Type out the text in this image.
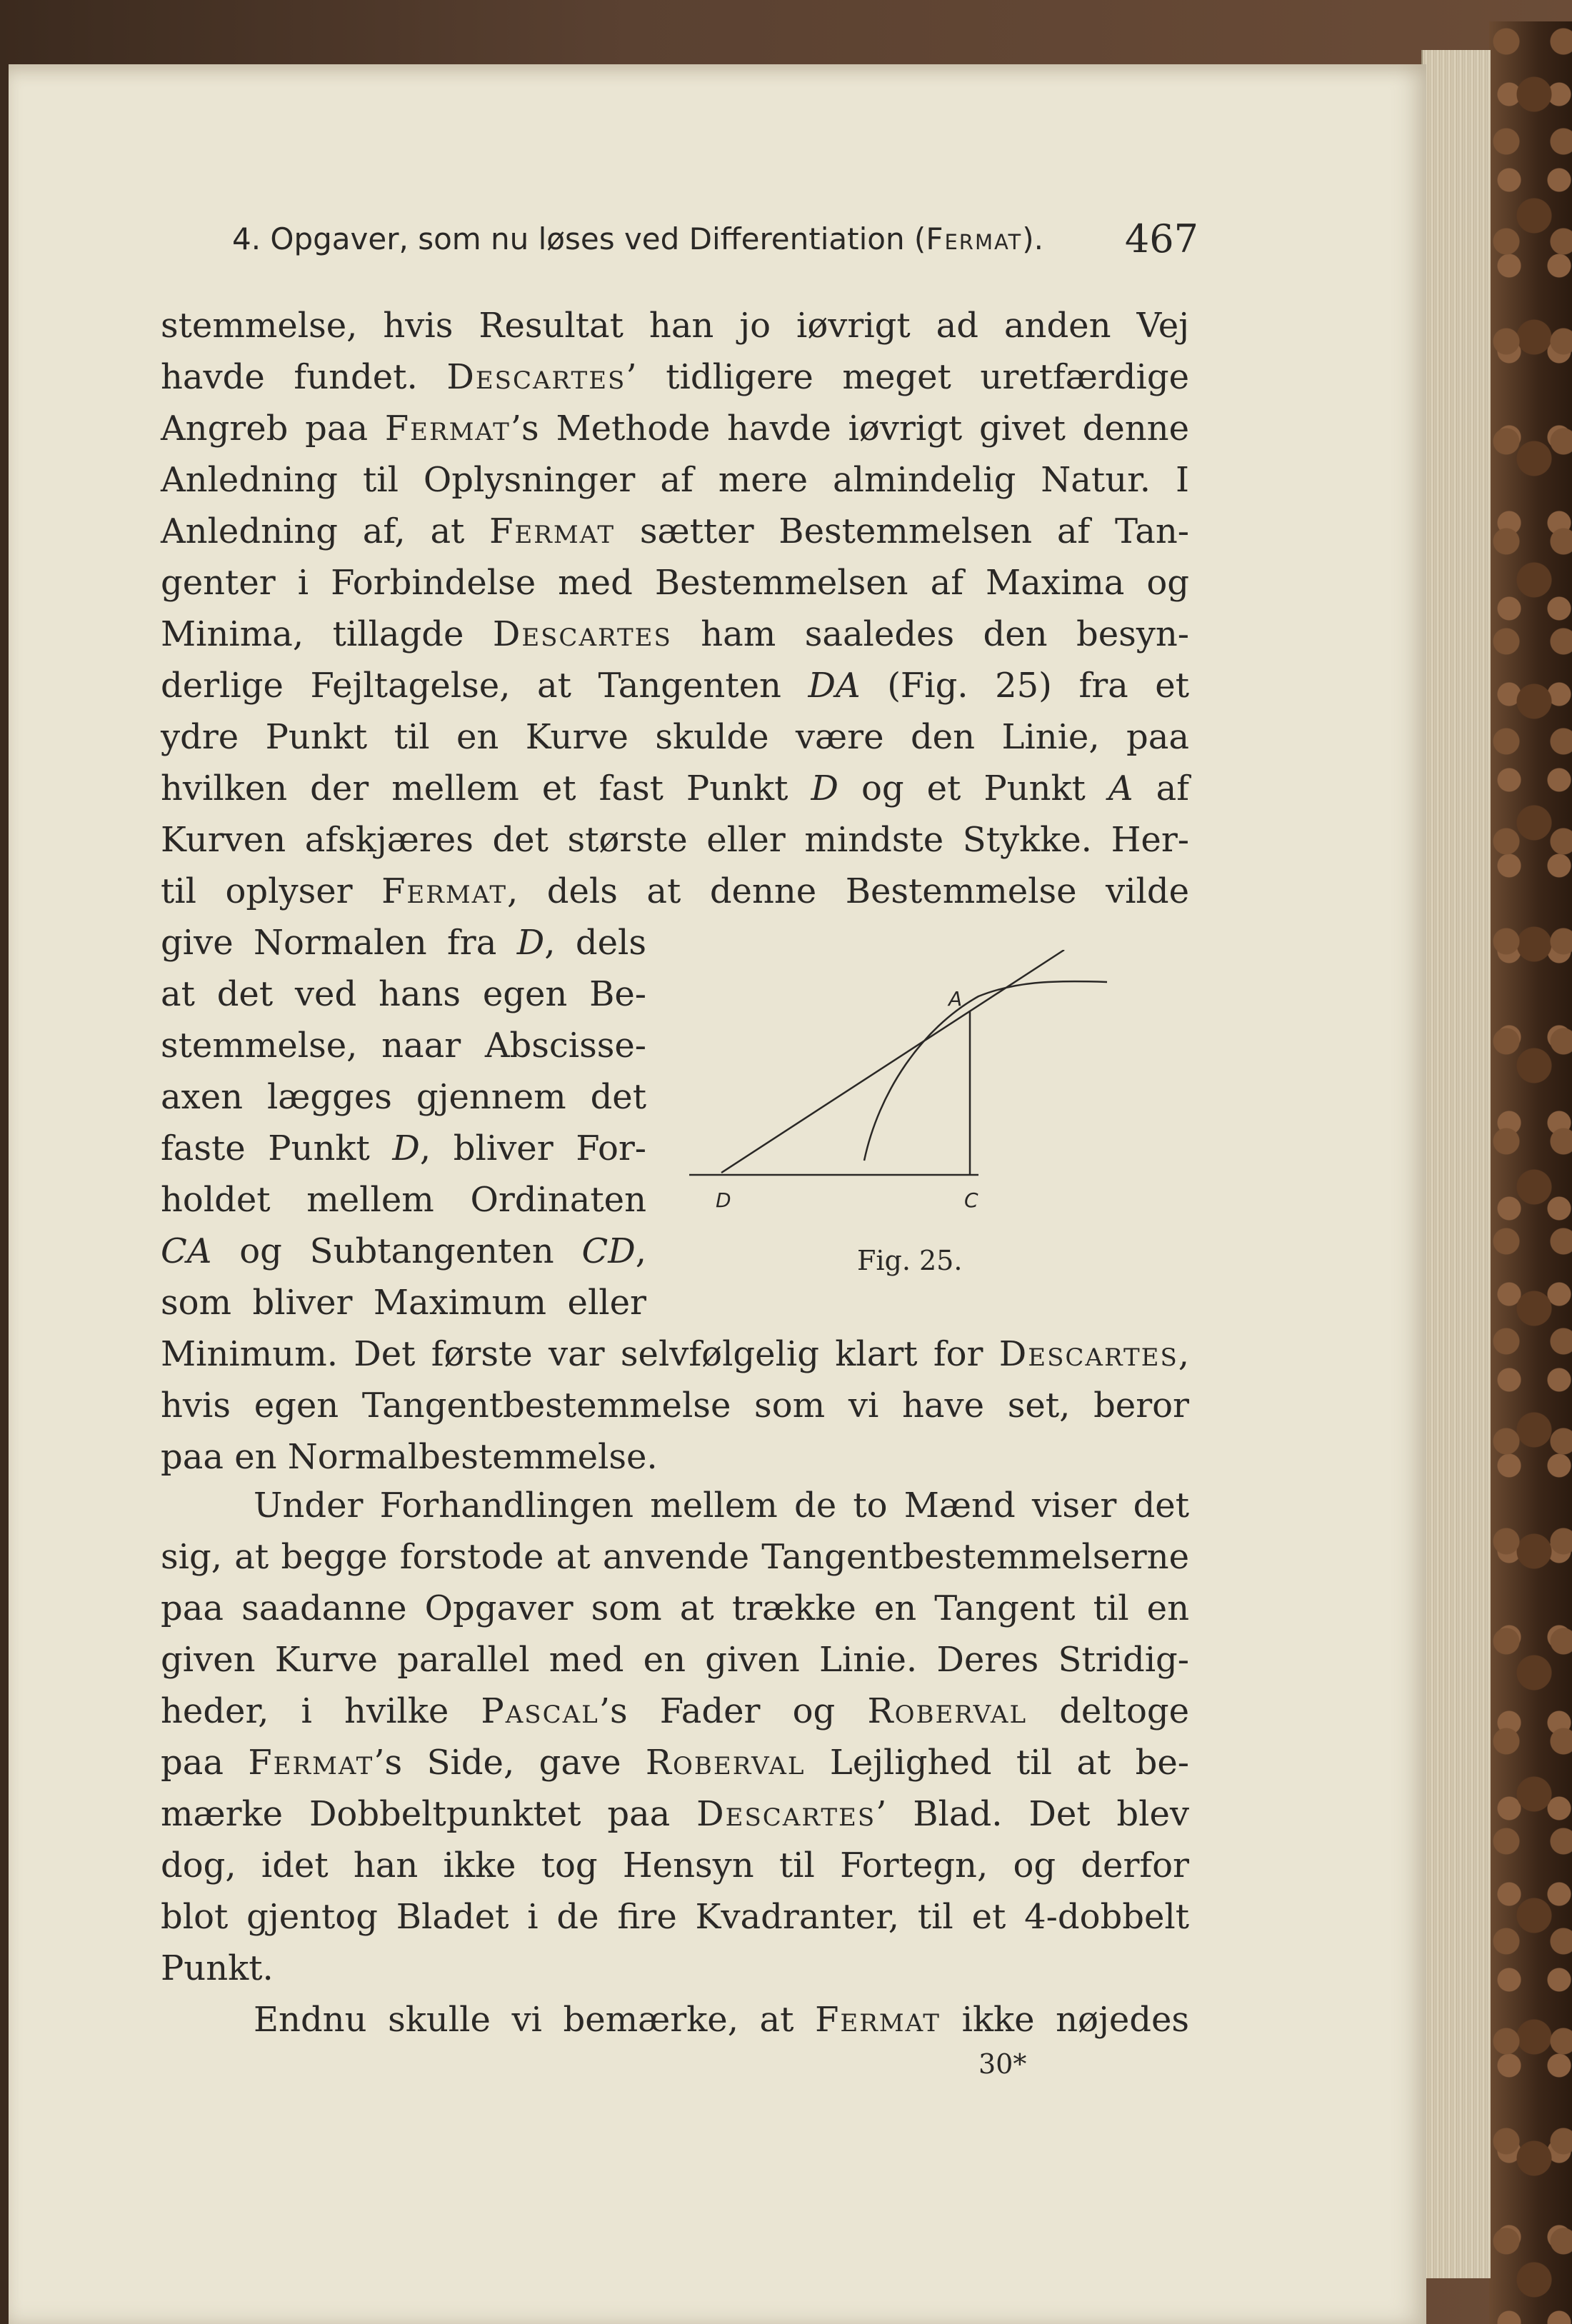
4. Opgaver, som nu løses ved Differentiation (Fermat).	467
stemmelse, hvis Resultat han jo iøvrigt ad anden Vej
havde fundet. Descartes’ tidligere meget uretfærdige
Angreb paa Fermat’s Methode havde iøvrigt givet denne
Anledning til Oplysninger af mere almindelig Natur. I
Anledning af, at Fermat sætter Bestemmelsen af Tan-
genter i Forbindelse med Bestemmelsen af Maxima og
Minima, tillagde Descartes ham saaledes den besyn-
derlige Fejltagelse, at Tangenten DA (Fig. 25) fra et
ydre Punkt til en Kurve skulde være den Linie, paa
hvilken der mellem et fast Punkt D og et Punkt A af
Kurven afskjæres det største eller mindste Stykke. Her-
til oplyser Fermat, dels at denne Bestemmelse vilde
give Normalen fra D, dels
at det ved hans egen Be-
stemmelse, naar Abscisse-
axen lægges gjennem det
faste Punkt D, bliver For-
holdet mellem Ordinaten
CA og Subtangenten CD,
som bliver Maximum eller
Minimum. Det første var selvfølgelig klart for Descartes,
hvis egen Tangentbestemmelse som vi have set, beror
paa en Normalbestemmelse.
A
D	C
Fig. 25.
Under Forhandlingen mellem de to Mænd viser det
sig, at begge forstode at anvende Tangentbestemmelserne
paa saadanne Opgaver som at trække en Tangent til en
given Kurve parallel med en given Linie. Deres Stridig-
heder, i hvilke Pascal’s Fader og Roberval deltoge
paa Fermat’s Side, gave Roberval Lejlighed til at be-
mærke Dobbeltpunktet paa Descartes’ Blad. Det blev
dog, idet han ikke tog Hensyn til Fortegn, og derfor
blot gjentog Bladet i de fire Kvadranter, til et 4-dobbelt
Punkt.
Endnu skulle vi bemærke, at Fermat ikke nøjedes
30*
